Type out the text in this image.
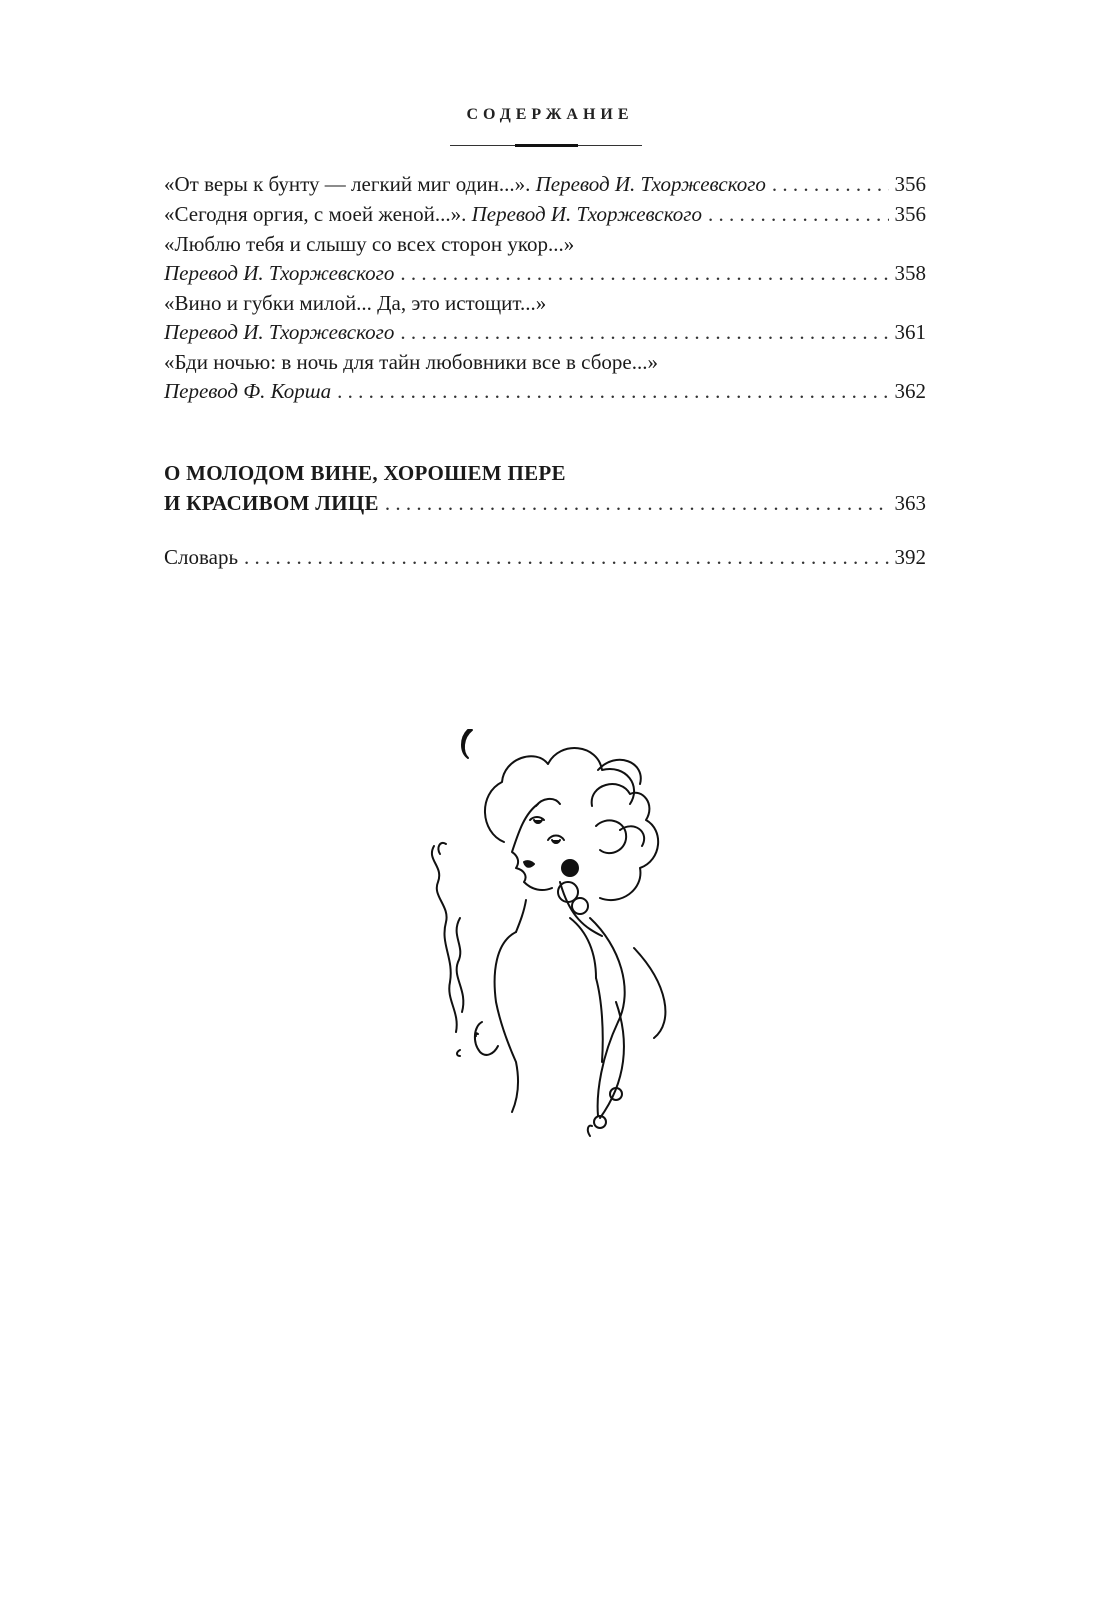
СОДЕРЖАНИЕ
«От веры к бунту — легкий миг один...».
Перевод И. Тхоржевского . . .	356
«Сегодня оргия, с моей женой...».
Перевод И. Тхоржевского . . .	356
«Люблю тебя и слышу со всех сторон укор...»
Перевод И. Тхоржевского . . .	358
«Вино и губки милой... Да, это истощит...»
Перевод И. Тхоржевского . . .	361
«Бди ночью: в ночь для тайн любовники все в сборе...»
Перевод Ф. Корша . . .	362
О МОЛОДОМ ВИНЕ, ХОРОШЕМ ПЕРЕ
И КРАСИВОМ ЛИЦЕ . . .	363
Словарь . . .	392
